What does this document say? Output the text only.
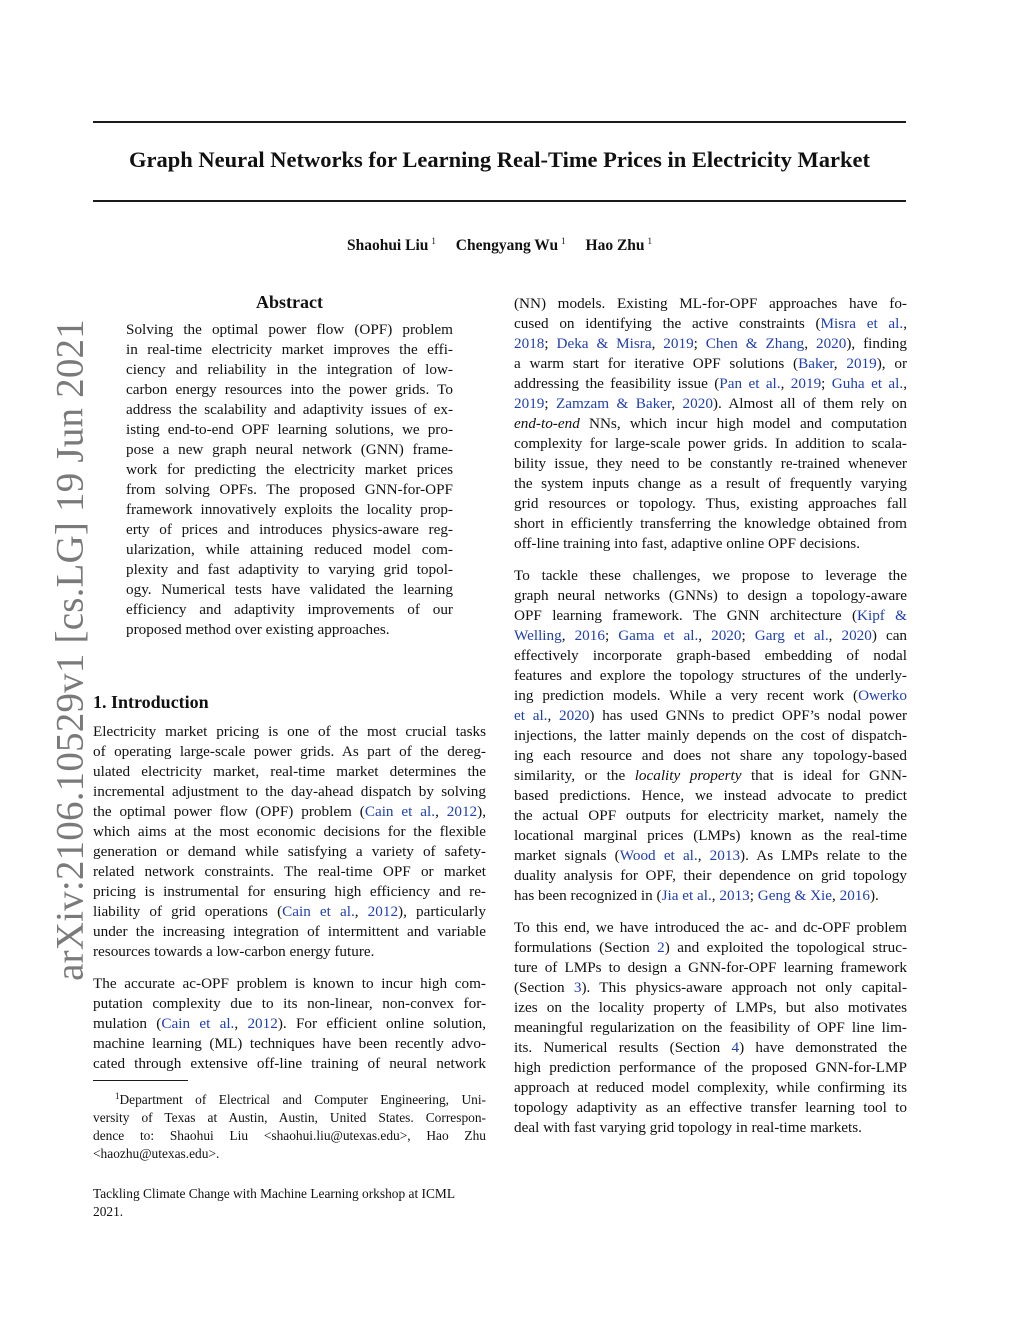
arXiv:2106.10529v1 [cs.LG] 19 Jun 2021
Graph Neural Networks for Learning Real-Time Prices in Electricity Market
Shaohui Liu $^1$ Chengyang Wu $^1$ Hao Zhu $^1$
Abstract
Solving the optimal power flow (OPF) problem
in real-time electricity market improves the effi-
ciency and reliability in the integration of low-
carbon energy resources into the power grids. To
address the scalability and adaptivity issues of ex-
isting end-to-end OPF learning solutions, we pro-
pose a new graph neural network (GNN) frame-
work for predicting the electricity market prices
from solving OPFs. The proposed GNN-for-OPF
framework innovatively exploits the locality prop-
erty of prices and introduces physics-aware reg-
ularization, while attaining reduced model com-
plexity and fast adaptivity to varying grid topol-
ogy. Numerical tests have validated the learning
efficiency and adaptivity improvements of our
proposed method over existing approaches.
1. Introduction
Electricity market pricing is one of the most crucial tasks
of operating large-scale power grids. As part of the dereg-
ulated electricity market, real-time market determines the
incremental adjustment to the day-ahead dispatch by solving
the optimal power flow (OPF) problem (Cain et al., 2012),
which aims at the most economic decisions for the flexible
generation or demand while satisfying a variety of safety-
related network constraints. The real-time OPF or market
pricing is instrumental for ensuring high efficiency and re-
liability of grid operations (Cain et al., 2012), particularly
under the increasing integration of intermittent and variable
resources towards a low-carbon energy future.
The accurate ac-OPF problem is known to incur high com-
putation complexity due to its non-linear, non-convex for-
mulation (Cain et al., 2012). For efficient online solution,
machine learning (ML) techniques have been recently advo-
cated through extensive off-line training of neural network
$^1$Department of Electrical and Computer Engineering, Uni-
versity of Texas at Austin, Austin, United States. Correspon-
dence to: Shaohui Liu <shaohui.liu@utexas.edu>, Hao Zhu
<haozhu@utexas.edu>.
Tackling Climate Change with Machine Learning orkshop at ICML
2021.
(NN) models. Existing ML-for-OPF approaches have fo-
cused on identifying the active constraints (Misra et al.,
2018; Deka & Misra, 2019; Chen & Zhang, 2020), finding
a warm start for iterative OPF solutions (Baker, 2019), or
addressing the feasibility issue (Pan et al., 2019; Guha et al.,
2019; Zamzam & Baker, 2020). Almost all of them rely on
end-to-end NNs, which incur high model and computation
complexity for large-scale power grids. In addition to scala-
bility issue, they need to be constantly re-trained whenever
the system inputs change as a result of frequently varying
grid resources or topology. Thus, existing approaches fall
short in efficiently transferring the knowledge obtained from
off-line training into fast, adaptive online OPF decisions.
To tackle these challenges, we propose to leverage the
graph neural networks (GNNs) to design a topology-aware
OPF learning framework. The GNN architecture (Kipf &
Welling, 2016; Gama et al., 2020; Garg et al., 2020) can
effectively incorporate graph-based embedding of nodal
features and explore the topology structures of the underly-
ing prediction models. While a very recent work (Owerko
et al., 2020) has used GNNs to predict OPF’s nodal power
injections, the latter mainly depends on the cost of dispatch-
ing each resource and does not share any topology-based
similarity, or the locality property that is ideal for GNN-
based predictions. Hence, we instead advocate to predict
the actual OPF outputs for electricity market, namely the
locational marginal prices (LMPs) known as the real-time
market signals (Wood et al., 2013). As LMPs relate to the
duality analysis for OPF, their dependence on grid topology
has been recognized in (Jia et al., 2013; Geng & Xie, 2016).
To this end, we have introduced the ac- and dc-OPF problem
formulations (Section 2) and exploited the topological struc-
ture of LMPs to design a GNN-for-OPF learning framework
(Section 3). This physics-aware approach not only capital-
izes on the locality property of LMPs, but also motivates
meaningful regularization on the feasibility of OPF line lim-
its. Numerical results (Section 4) have demonstrated the
high prediction performance of the proposed GNN-for-LMP
approach at reduced model complexity, while confirming its
topology adaptivity as an effective transfer learning tool to
deal with fast varying grid topology in real-time markets.
